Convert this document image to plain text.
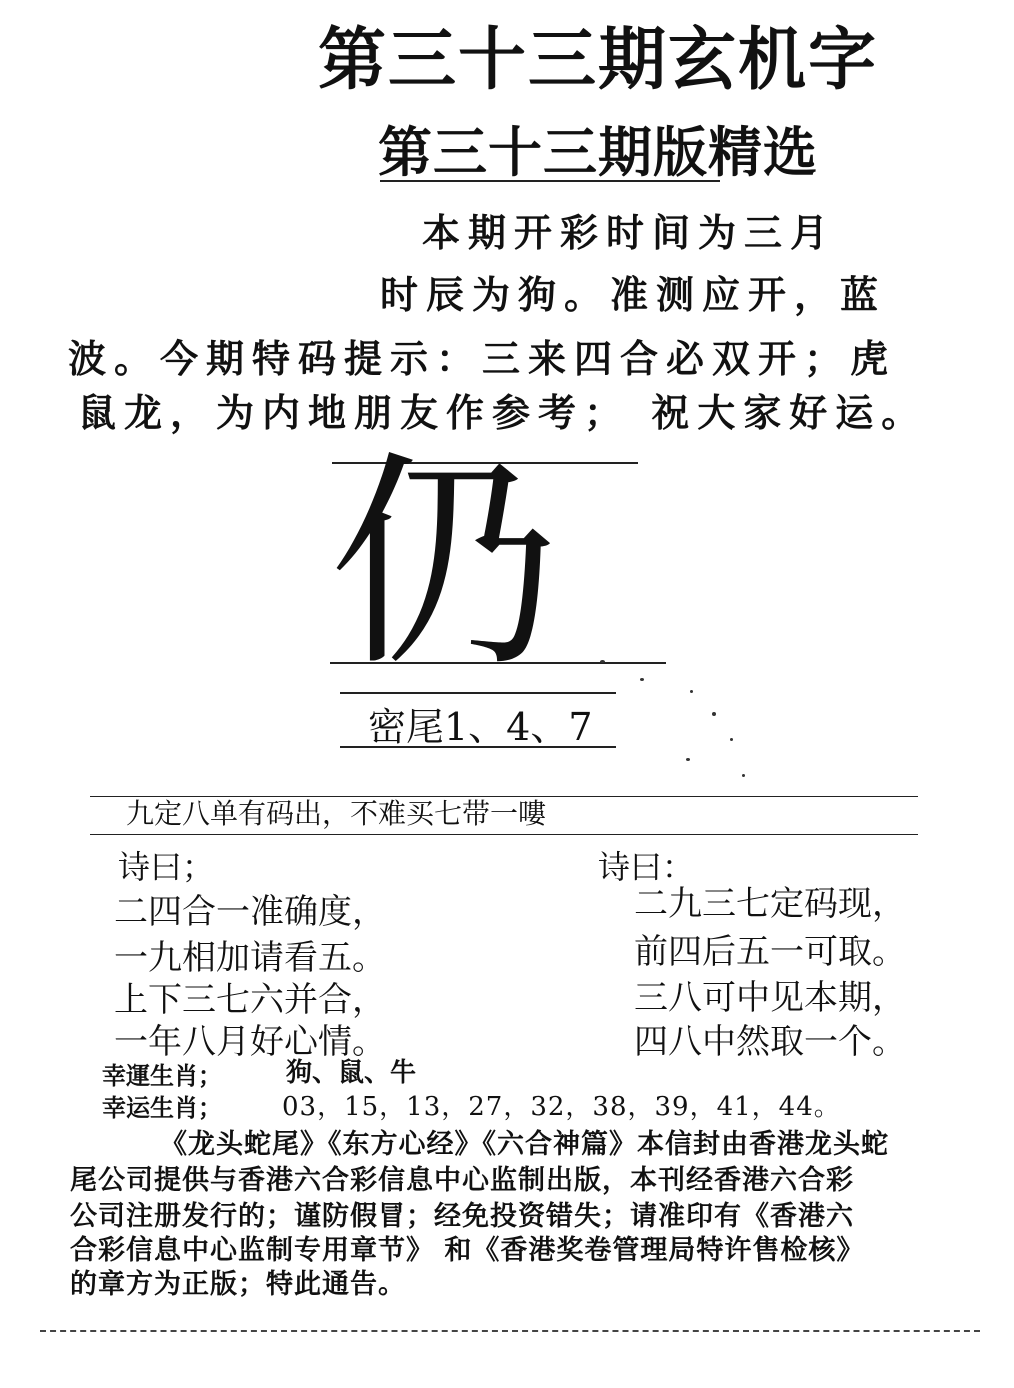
第三十三期玄机字
第三十三期版精选
本期开彩时间为三月
时辰为狗。准测应开，蓝
波。今期特码提示：三来四合必双开；虎
鼠龙，为内地朋友作参考； 祝大家好运。
仍
密尾1、4、7
九定八单有码出，不难买七带一嘍
诗曰；
二四合一准确度，
一九相加请看五。
上下三七六并合，
一年八月好心情。
诗曰：
二九三七定码现，
前四后五一可取。
三八可中见本期，
四八中然取一个。
幸運生肖； 狗、鼠、牛
幸运生肖； 03，15，13，27，32，38，39，41，44。
《龙头蛇尾》《东方心经》《六合神篇》本信封由香港龙头蛇
尾公司提供与香港六合彩信息中心监制出版，本刊经香港六合彩
公司注册发行的；谨防假冒；经免投资错失；请准印有《香港六
合彩信息中心监制专用章节》 和《香港奖卷管理局特许售检核》
的章方为正版；特此通告。
